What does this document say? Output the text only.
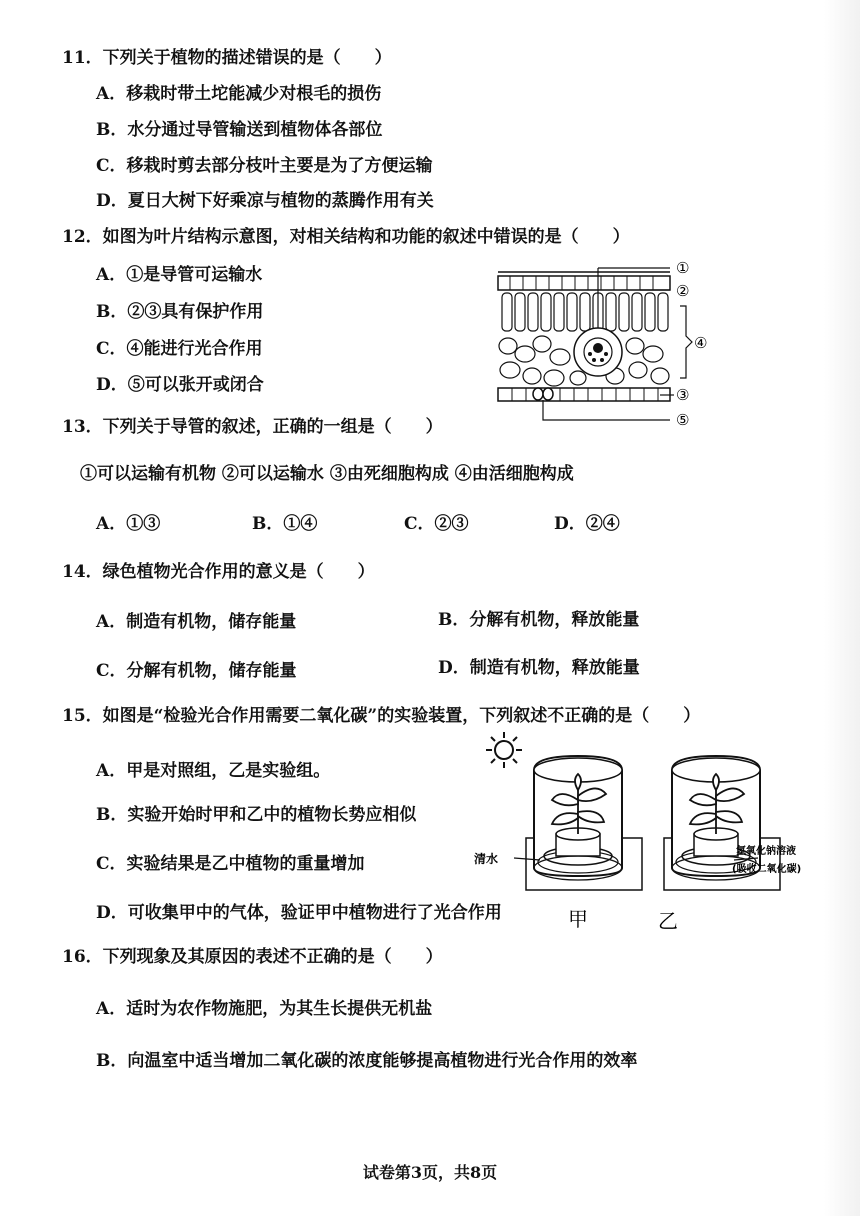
11．下列关于植物的描述错误的是（　　）
A．移栽时带土坨能减少对根毛的损伤
B．水分通过导管输送到植物体各部位
C．移栽时剪去部分枝叶主要是为了方便运输
D．夏日大树下好乘凉与植物的蒸腾作用有关
12．如图为叶片结构示意图，对相关结构和功能的叙述中错误的是（　　）
A．①是导管可运输水
B．②③具有保护作用
C．④能进行光合作用
D．⑤可以张开或闭合
①
②
④
③
⑤
13．下列关于导管的叙述，正确的一组是（　　）
①可以运输有机物 ②可以运输水 ③由死细胞构成 ④由活细胞构成
A．①③	B．①④	C．②③	D．②④
14．绿色植物光合作用的意义是（　　）
A．制造有机物，储存能量	B．分解有机物，释放能量
C．分解有机物，储存能量	D．制造有机物，释放能量
15．如图是“检验光合作用需要二氧化碳”的实验装置，下列叙述不正确的是（　　）
A．甲是对照组，乙是实验组。
B．实验开始时甲和乙中的植物长势应相似
C．实验结果是乙中植物的重量增加
D．可收集甲中的气体，验证甲中植物进行了光合作用
清水
氢氧化钠溶液
(吸收二氧化碳)
甲	乙
16．下列现象及其原因的表述不正确的是（　　）
A．适时为农作物施肥，为其生长提供无机盐
B．向温室中适当增加二氧化碳的浓度能够提高植物进行光合作用的效率
试卷第3页，共8页
